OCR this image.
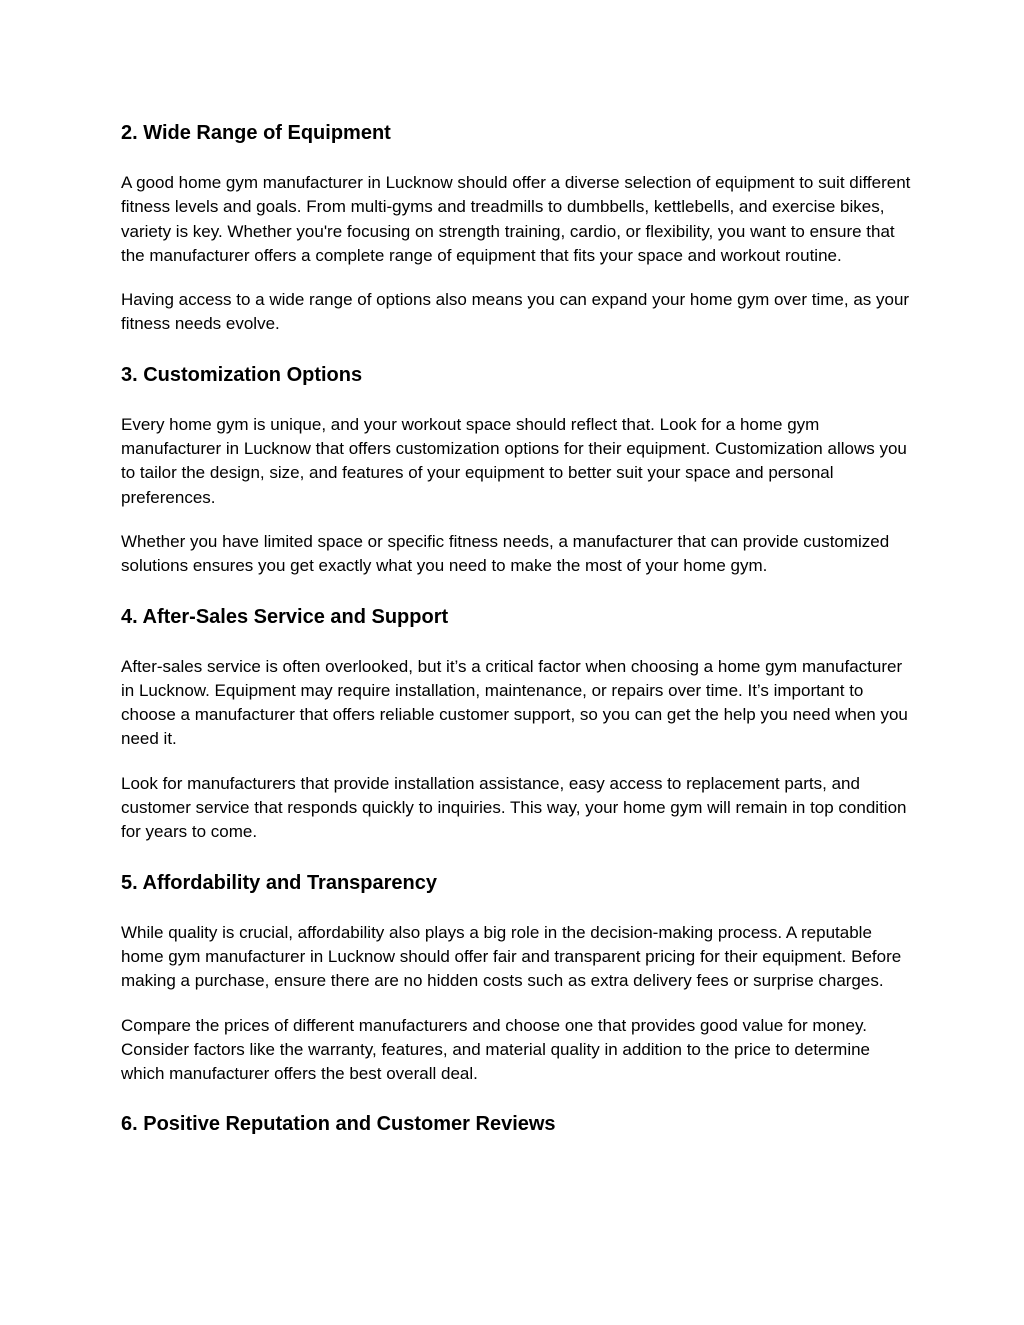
2. Wide Range of Equipment

A good home gym manufacturer in Lucknow should offer a diverse selection of equipment to suit different fitness levels and goals. From multi-gyms and treadmills to dumbbells, kettlebells, and exercise bikes, variety is key. Whether you're focusing on strength training, cardio, or flexibility, you want to ensure that the manufacturer offers a complete range of equipment that fits your space and workout routine.

Having access to a wide range of options also means you can expand your home gym over time, as your fitness needs evolve.

3. Customization Options

Every home gym is unique, and your workout space should reflect that. Look for a home gym manufacturer in Lucknow that offers customization options for their equipment. Customization allows you to tailor the design, size, and features of your equipment to better suit your space and personal preferences.

Whether you have limited space or specific fitness needs, a manufacturer that can provide customized solutions ensures you get exactly what you need to make the most of your home gym.

4. After-Sales Service and Support

After-sales service is often overlooked, but it’s a critical factor when choosing a home gym manufacturer in Lucknow. Equipment may require installation, maintenance, or repairs over time. It’s important to choose a manufacturer that offers reliable customer support, so you can get the help you need when you need it.

Look for manufacturers that provide installation assistance, easy access to replacement parts, and customer service that responds quickly to inquiries. This way, your home gym will remain in top condition for years to come.

5. Affordability and Transparency

While quality is crucial, affordability also plays a big role in the decision-making process. A reputable home gym manufacturer in Lucknow should offer fair and transparent pricing for their equipment. Before making a purchase, ensure there are no hidden costs such as extra delivery fees or surprise charges.

Compare the prices of different manufacturers and choose one that provides good value for money. Consider factors like the warranty, features, and material quality in addition to the price to determine which manufacturer offers the best overall deal.

6. Positive Reputation and Customer Reviews
